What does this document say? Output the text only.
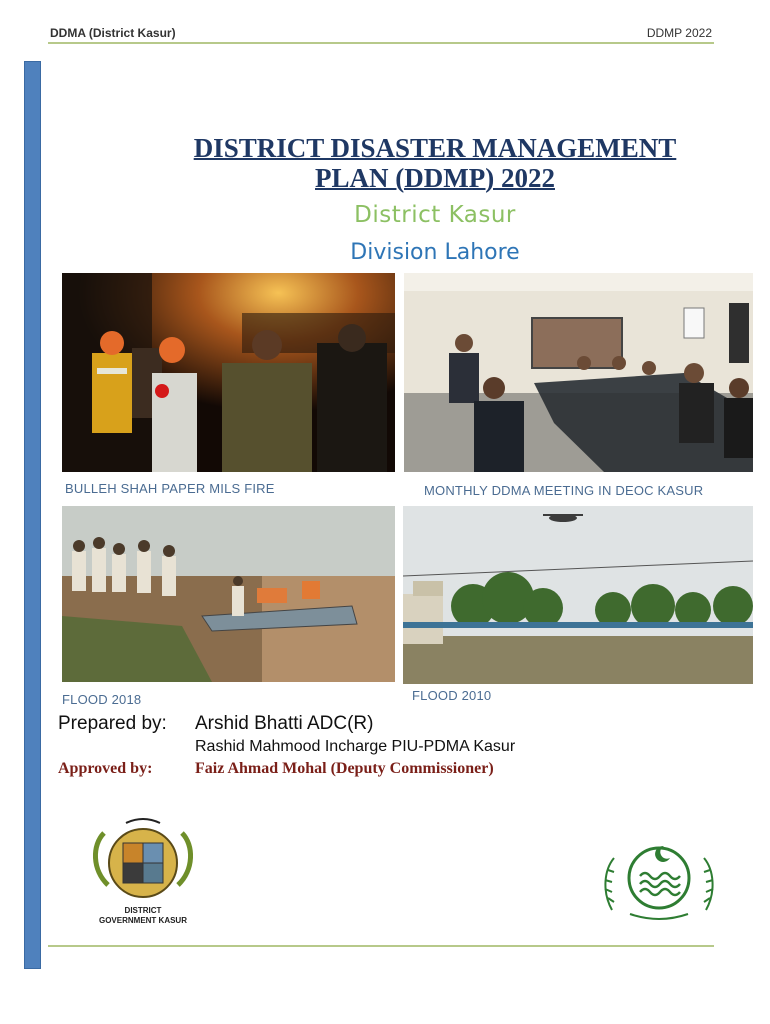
DDMA (District Kasur)	DDMP 2022
DISTRICT DISASTER MANAGEMENT
PLAN (DDMP) 2022
District Kasur
Division Lahore
BULLEH SHAH PAPER MILS FIRE	MONTHLY DDMA MEETING IN DEOC KASUR
FLOOD 2018	FLOOD 2010
Prepared by: Arshid Bhatti ADC(R)
Rashid Mahmood Incharge PIU-PDMA Kasur
Approved by:	Faiz Ahmad Mohal (Deputy Commissioner)
DISTRICT
GOVERNMENT KASUR
